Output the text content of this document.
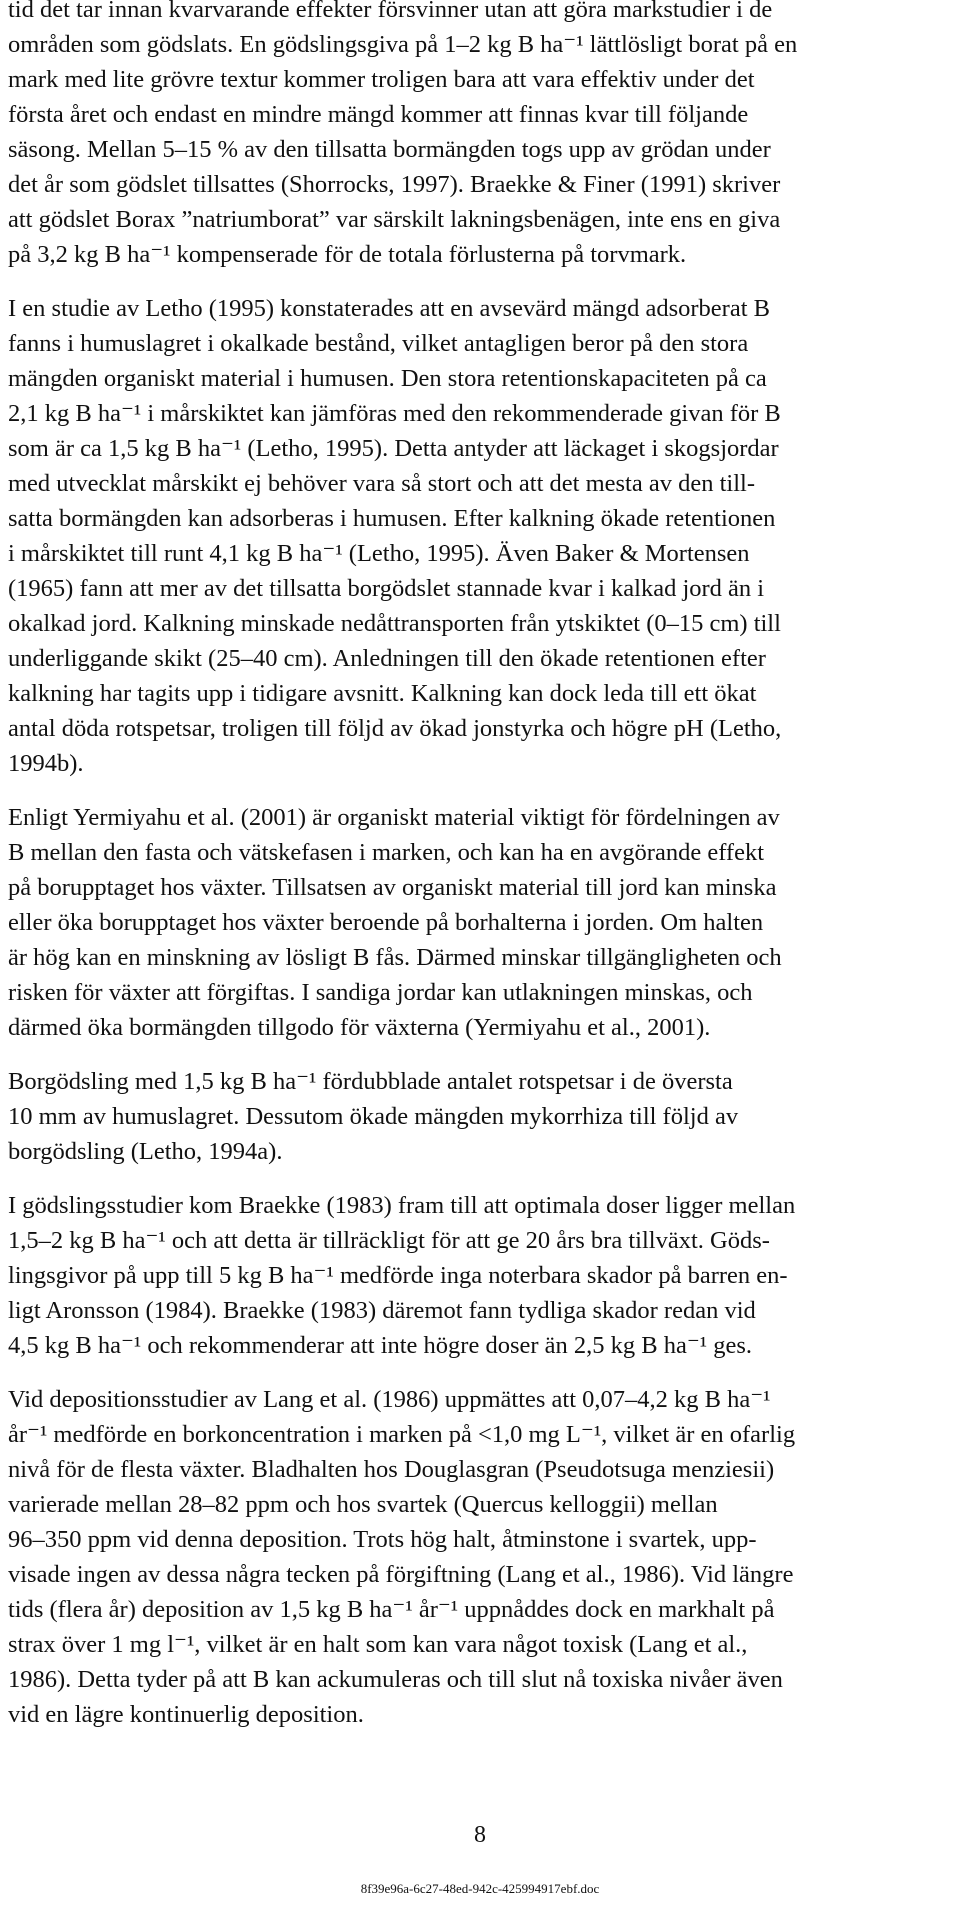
tid det tar innan kvarvarande effekter försvinner utan att göra markstudier i de
områden som gödslats. En gödslingsgiva på 1–2 kg B ha⁻¹ lättlösligt borat på en
mark med lite grövre textur kommer troligen bara att vara effektiv under det
första året och endast en mindre mängd kommer att finnas kvar till följande
säsong. Mellan 5–15 % av den tillsatta bormängden togs upp av grödan under
det år som gödslet tillsattes (Shorrocks, 1997). Braekke & Finer (1991) skriver
att gödslet Borax ”natriumborat” var särskilt lakningsbenägen, inte ens en giva
på 3,2 kg B ha⁻¹ kompenserade för de totala förlusterna på torvmark.
I en studie av Letho (1995) konstaterades att en avsevärd mängd adsorberat B
fanns i humuslagret i okalkade bestånd, vilket antagligen beror på den stora
mängden organiskt material i humusen. Den stora retentionskapaciteten på ca
2,1 kg B ha⁻¹ i mårskiktet kan jämföras med den rekommenderade givan för B
som är ca 1,5 kg B ha⁻¹ (Letho, 1995). Detta antyder att läckaget i skogsjordar
med utvecklat mårskikt ej behöver vara så stort och att det mesta av den till-
satta bormängden kan adsorberas i humusen. Efter kalkning ökade retentionen
i mårskiktet till runt 4,1 kg B ha⁻¹ (Letho, 1995). Även Baker & Mortensen
(1965) fann att mer av det tillsatta borgödslet stannade kvar i kalkad jord än i
okalkad jord. Kalkning minskade nedåttransporten från ytskiktet (0–15 cm) till
underliggande skikt (25–40 cm). Anledningen till den ökade retentionen efter
kalkning har tagits upp i tidigare avsnitt. Kalkning kan dock leda till ett ökat
antal döda rotspetsar, troligen till följd av ökad jonstyrka och högre pH (Letho,
1994b).
Enligt Yermiyahu et al. (2001) är organiskt material viktigt för fördelningen av
B mellan den fasta och vätskefasen i marken, och kan ha en avgörande effekt
på borupptaget hos växter. Tillsatsen av organiskt material till jord kan minska
eller öka borupptaget hos växter beroende på borhalterna i jorden. Om halten
är hög kan en minskning av lösligt B fås. Därmed minskar tillgängligheten och
risken för växter att förgiftas. I sandiga jordar kan utlakningen minskas, och
därmed öka bormängden tillgodo för växterna (Yermiyahu et al., 2001).
Borgödsling med 1,5 kg B ha⁻¹ fördubblade antalet rotspetsar i de översta
10 mm av humuslagret. Dessutom ökade mängden mykorrhiza till följd av
borgödsling (Letho, 1994a).
I gödslingsstudier kom Braekke (1983) fram till att optimala doser ligger mellan
1,5–2 kg B ha⁻¹ och att detta är tillräckligt för att ge 20 års bra tillväxt. Göds-
lingsgivor på upp till 5 kg B ha⁻¹ medförde inga noterbara skador på barren en-
ligt Aronsson (1984). Braekke (1983) däremot fann tydliga skador redan vid
4,5 kg B ha⁻¹ och rekommenderar att inte högre doser än 2,5 kg B ha⁻¹ ges.
Vid depositionsstudier av Lang et al. (1986) uppmättes att 0,07–4,2 kg B ha⁻¹
år⁻¹ medförde en borkoncentration i marken på <1,0 mg L⁻¹, vilket är en ofarlig
nivå för de flesta växter. Bladhalten hos Douglasgran (Pseudotsuga menziesii)
varierade mellan 28–82 ppm och hos svartek (Quercus kelloggii) mellan
96–350 ppm vid denna deposition. Trots hög halt, åtminstone i svartek, upp-
visade ingen av dessa några tecken på förgiftning (Lang et al., 1986). Vid längre
tids (flera år) deposition av 1,5 kg B ha⁻¹ år⁻¹ uppnåddes dock en markhalt på
strax över 1 mg l⁻¹, vilket är en halt som kan vara något toxisk (Lang et al.,
1986). Detta tyder på att B kan ackumuleras och till slut nå toxiska nivåer även
vid en lägre kontinuerlig deposition.
8
8f39e96a-6c27-48ed-942c-425994917ebf.doc
